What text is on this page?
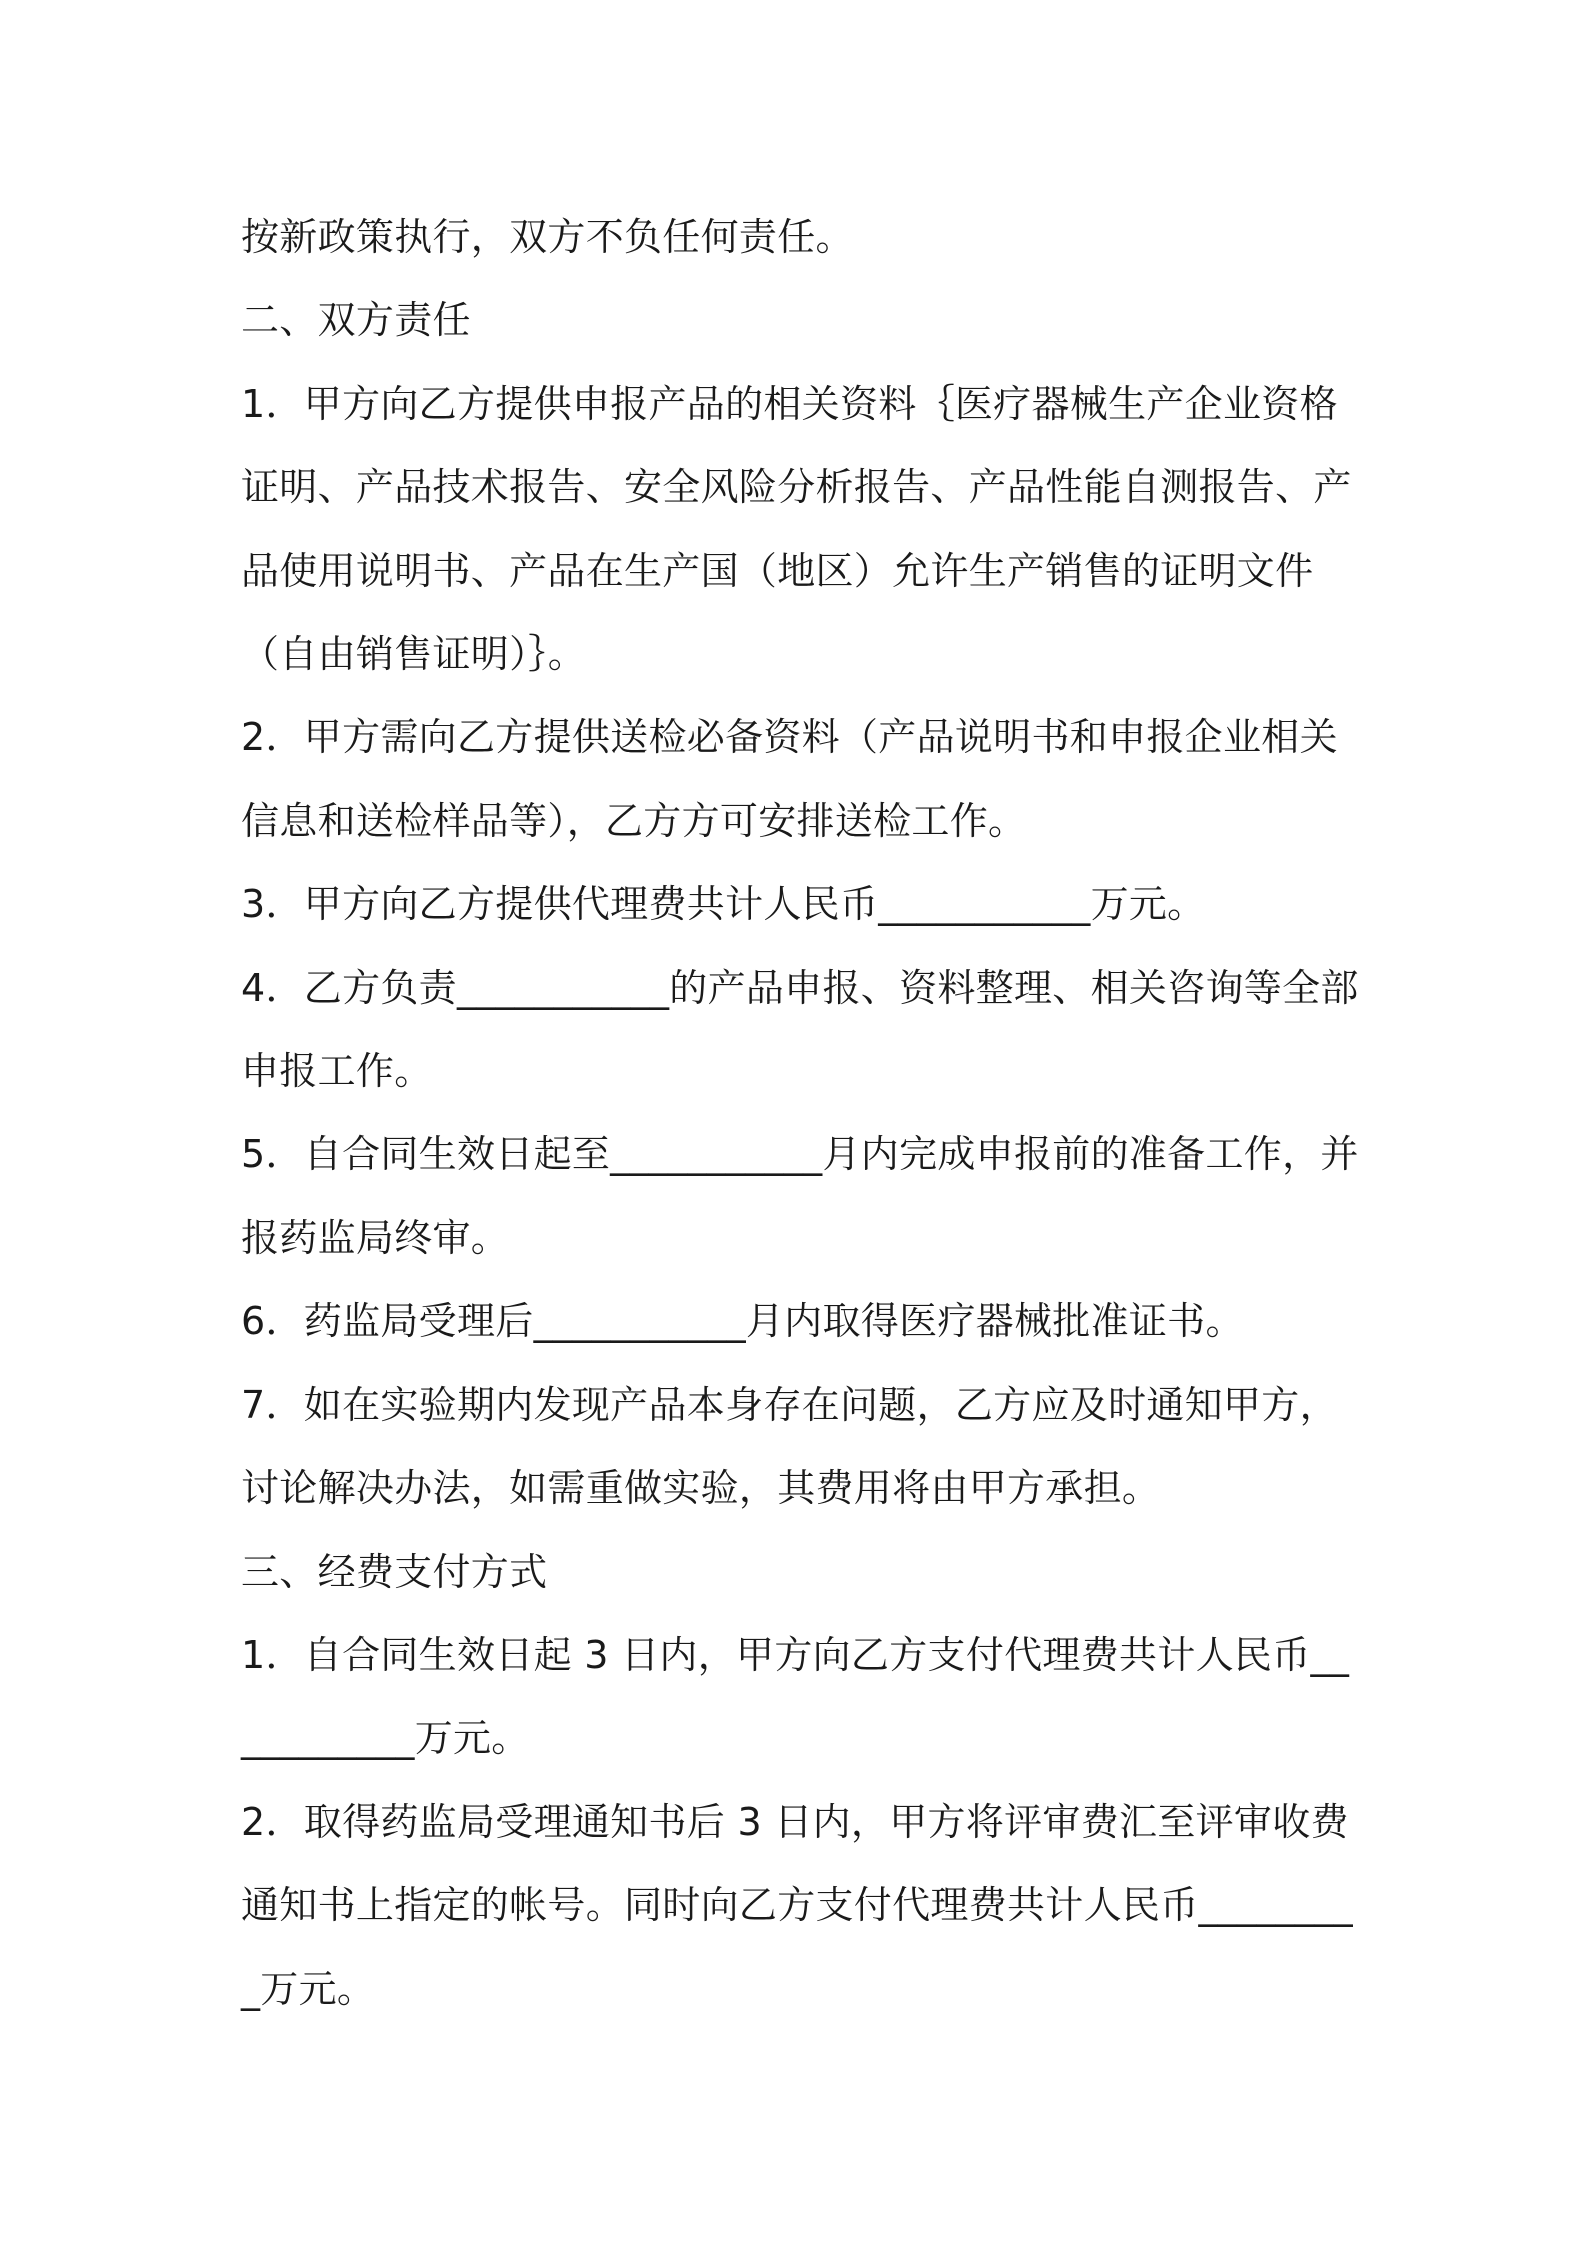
按新政策执行，双方不负任何责任。

二、双方责任

1．甲方向乙方提供申报产品的相关资料｛医疗器械生产企业资格证明、产品技术报告、安全风险分析报告、产品性能自测报告、产品使用说明书、产品在生产国（地区）允许生产销售的证明文件（自由销售证明）｝。

2．甲方需向乙方提供送检必备资料（产品说明书和申报企业相关信息和送检样品等），乙方方可安排送检工作。

3．甲方向乙方提供代理费共计人民币___________万元。

4．乙方负责___________的产品申报、资料整理、相关咨询等全部申报工作。

5．自合同生效日起至___________月内完成申报前的准备工作，并报药监局终审。

6．药监局受理后___________月内取得医疗器械批准证书。

7．如在实验期内发现产品本身存在问题，乙方应及时通知甲方，讨论解决办法，如需重做实验，其费用将由甲方承担。

三、经费支付方式

1．自合同生效日起 3 日内，甲方向乙方支付代理费共计人民币___________万元。

2．取得药监局受理通知书后 3 日内，甲方将评审费汇至评审收费通知书上指定的帐号。同时向乙方支付代理费共计人民币_________万元。
